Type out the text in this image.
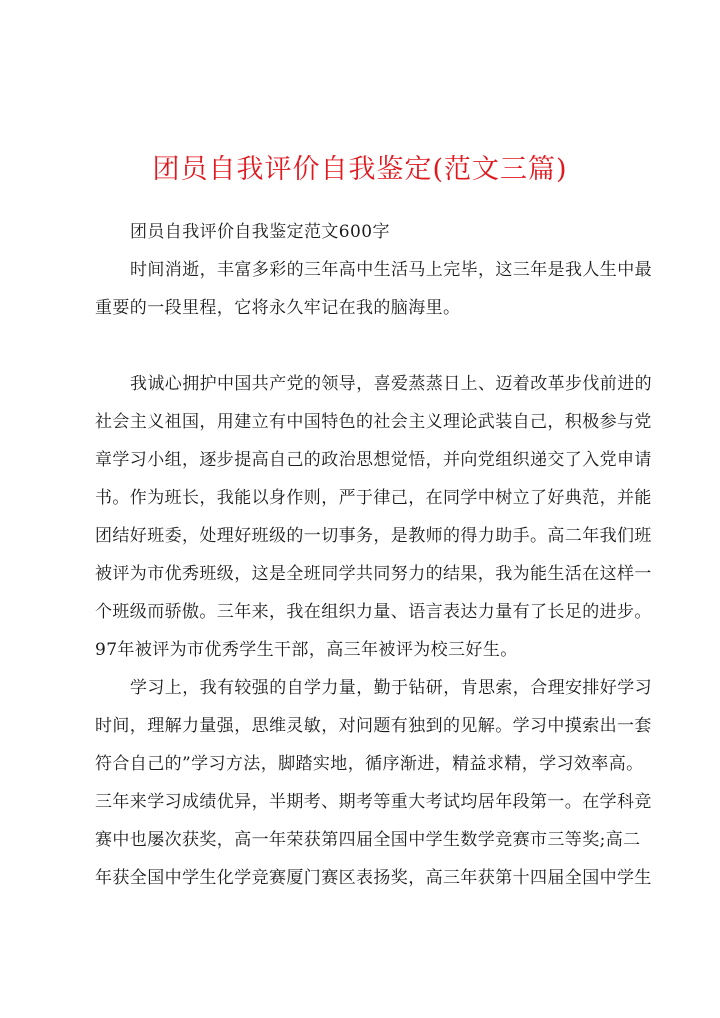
团员自我评价自我鉴定(范文三篇)
团员自我评价自我鉴定范文600字
时间消逝，丰富多彩的三年高中生活马上完毕，这三年是我人生中最
重要的一段里程，它将永久牢记在我的脑海里。
我诚心拥护中国共产党的领导，喜爱蒸蒸日上、迈着改革步伐前进的
社会主义祖国，用建立有中国特色的社会主义理论武装自己，积极参与党
章学习小组，逐步提高自己的政治思想觉悟，并向党组织递交了入党申请
书。作为班长，我能以身作则，严于律己，在同学中树立了好典范，并能
团结好班委，处理好班级的一切事务，是教师的得力助手。高二年我们班
被评为市优秀班级，这是全班同学共同努力的结果，我为能生活在这样一
个班级而骄傲。三年来，我在组织力量、语言表达力量有了长足的进步。
97年被评为市优秀学生干部，高三年被评为校三好生。
学习上，我有较强的自学力量，勤于钻研，肯思索，合理安排好学习
时间，理解力量强，思维灵敏，对问题有独到的见解。学习中摸索出一套
符合自己的”学习方法，脚踏实地，循序渐进，精益求精，学习效率高。
三年来学习成绩优异，半期考、期考等重大考试均居年段第一。在学科竞
赛中也屡次获奖，高一年荣获第四届全国中学生数学竞赛市三等奖;高二
年获全国中学生化学竞赛厦门赛区表扬奖，高三年获第十四届全国中学生
